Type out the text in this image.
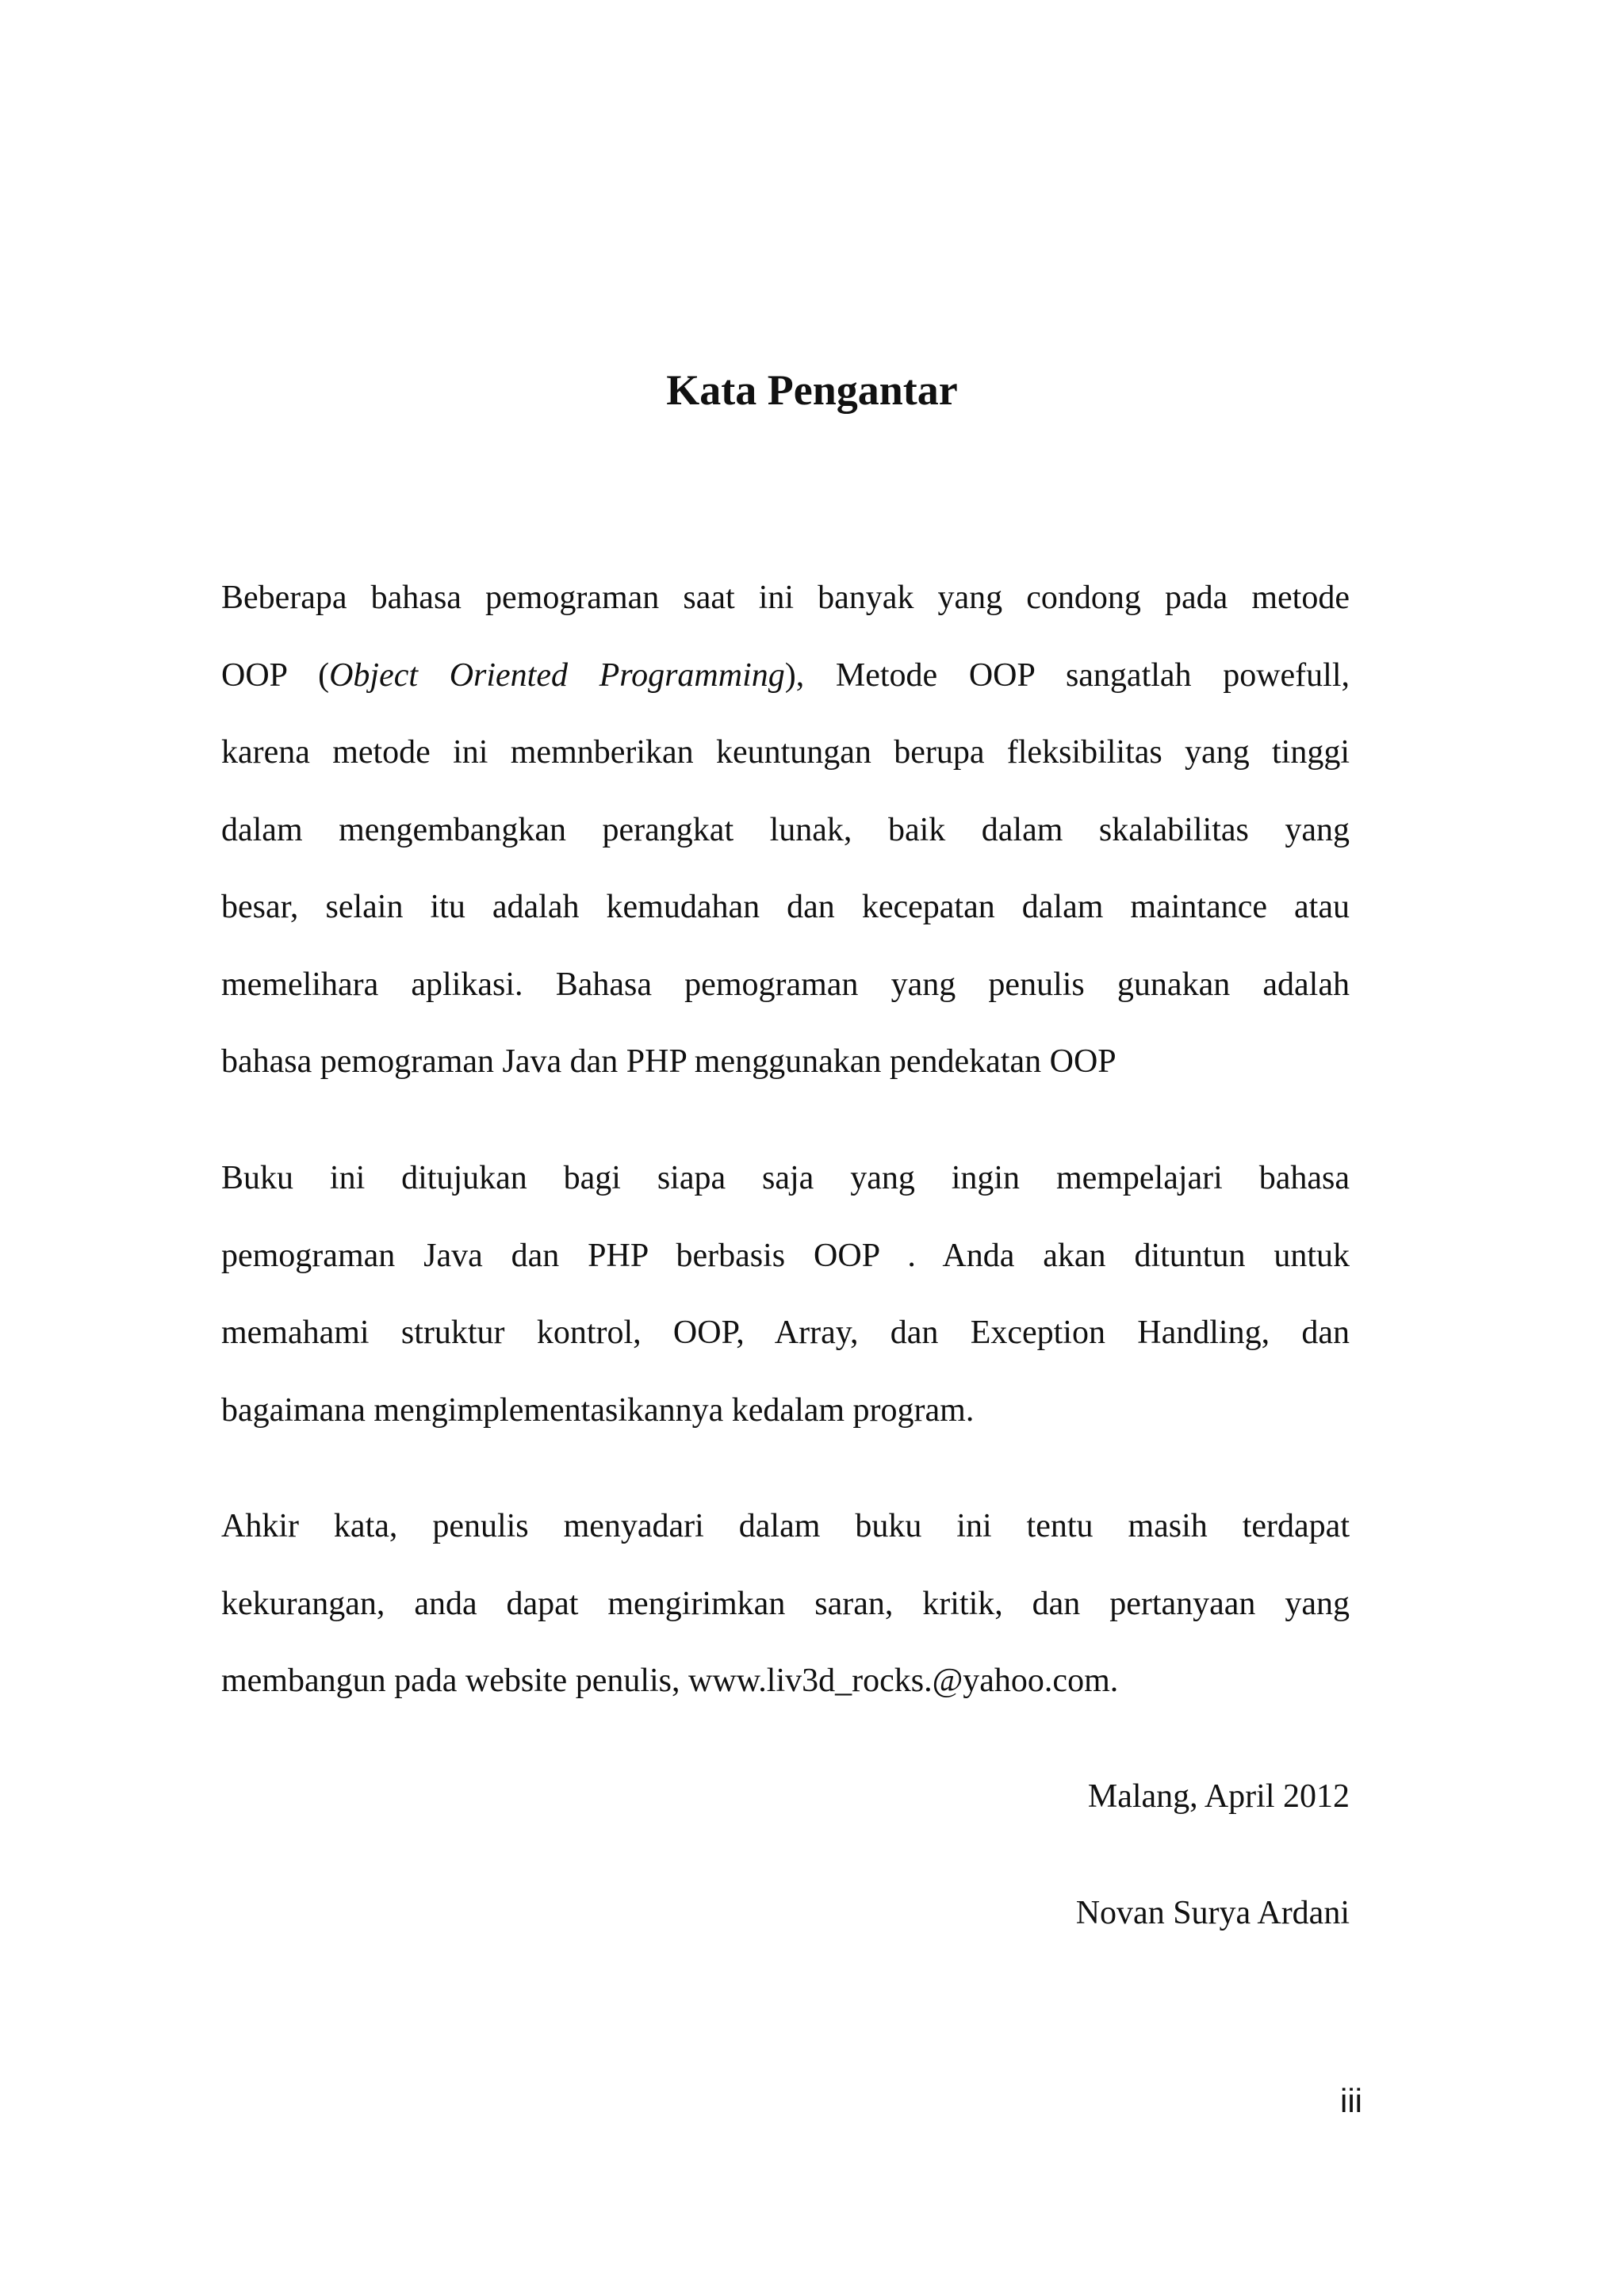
Kata Pengantar
Beberapa bahasa pemograman saat ini banyak yang condong pada metode
OOP (Object Oriented Programming), Metode OOP sangatlah powefull,
karena metode ini memnberikan keuntungan berupa fleksibilitas yang tinggi
dalam mengembangkan perangkat lunak, baik dalam skalabilitas yang
besar, selain itu adalah kemudahan dan kecepatan dalam maintance atau
memelihara aplikasi. Bahasa pemograman yang penulis gunakan adalah
bahasa pemograman Java dan PHP menggunakan pendekatan OOP
Buku ini ditujukan bagi siapa saja yang ingin mempelajari bahasa
pemograman Java dan PHP berbasis OOP . Anda akan dituntun untuk
memahami struktur kontrol, OOP, Array, dan Exception Handling, dan
bagaimana mengimplementasikannya kedalam program.
Ahkir kata, penulis menyadari dalam buku ini tentu masih terdapat
kekurangan, anda dapat mengirimkan saran, kritik, dan pertanyaan yang
membangun pada website penulis, www.liv3d_rocks.@yahoo.com.

Malang, April 2012

Novan Surya Ardani

iii
